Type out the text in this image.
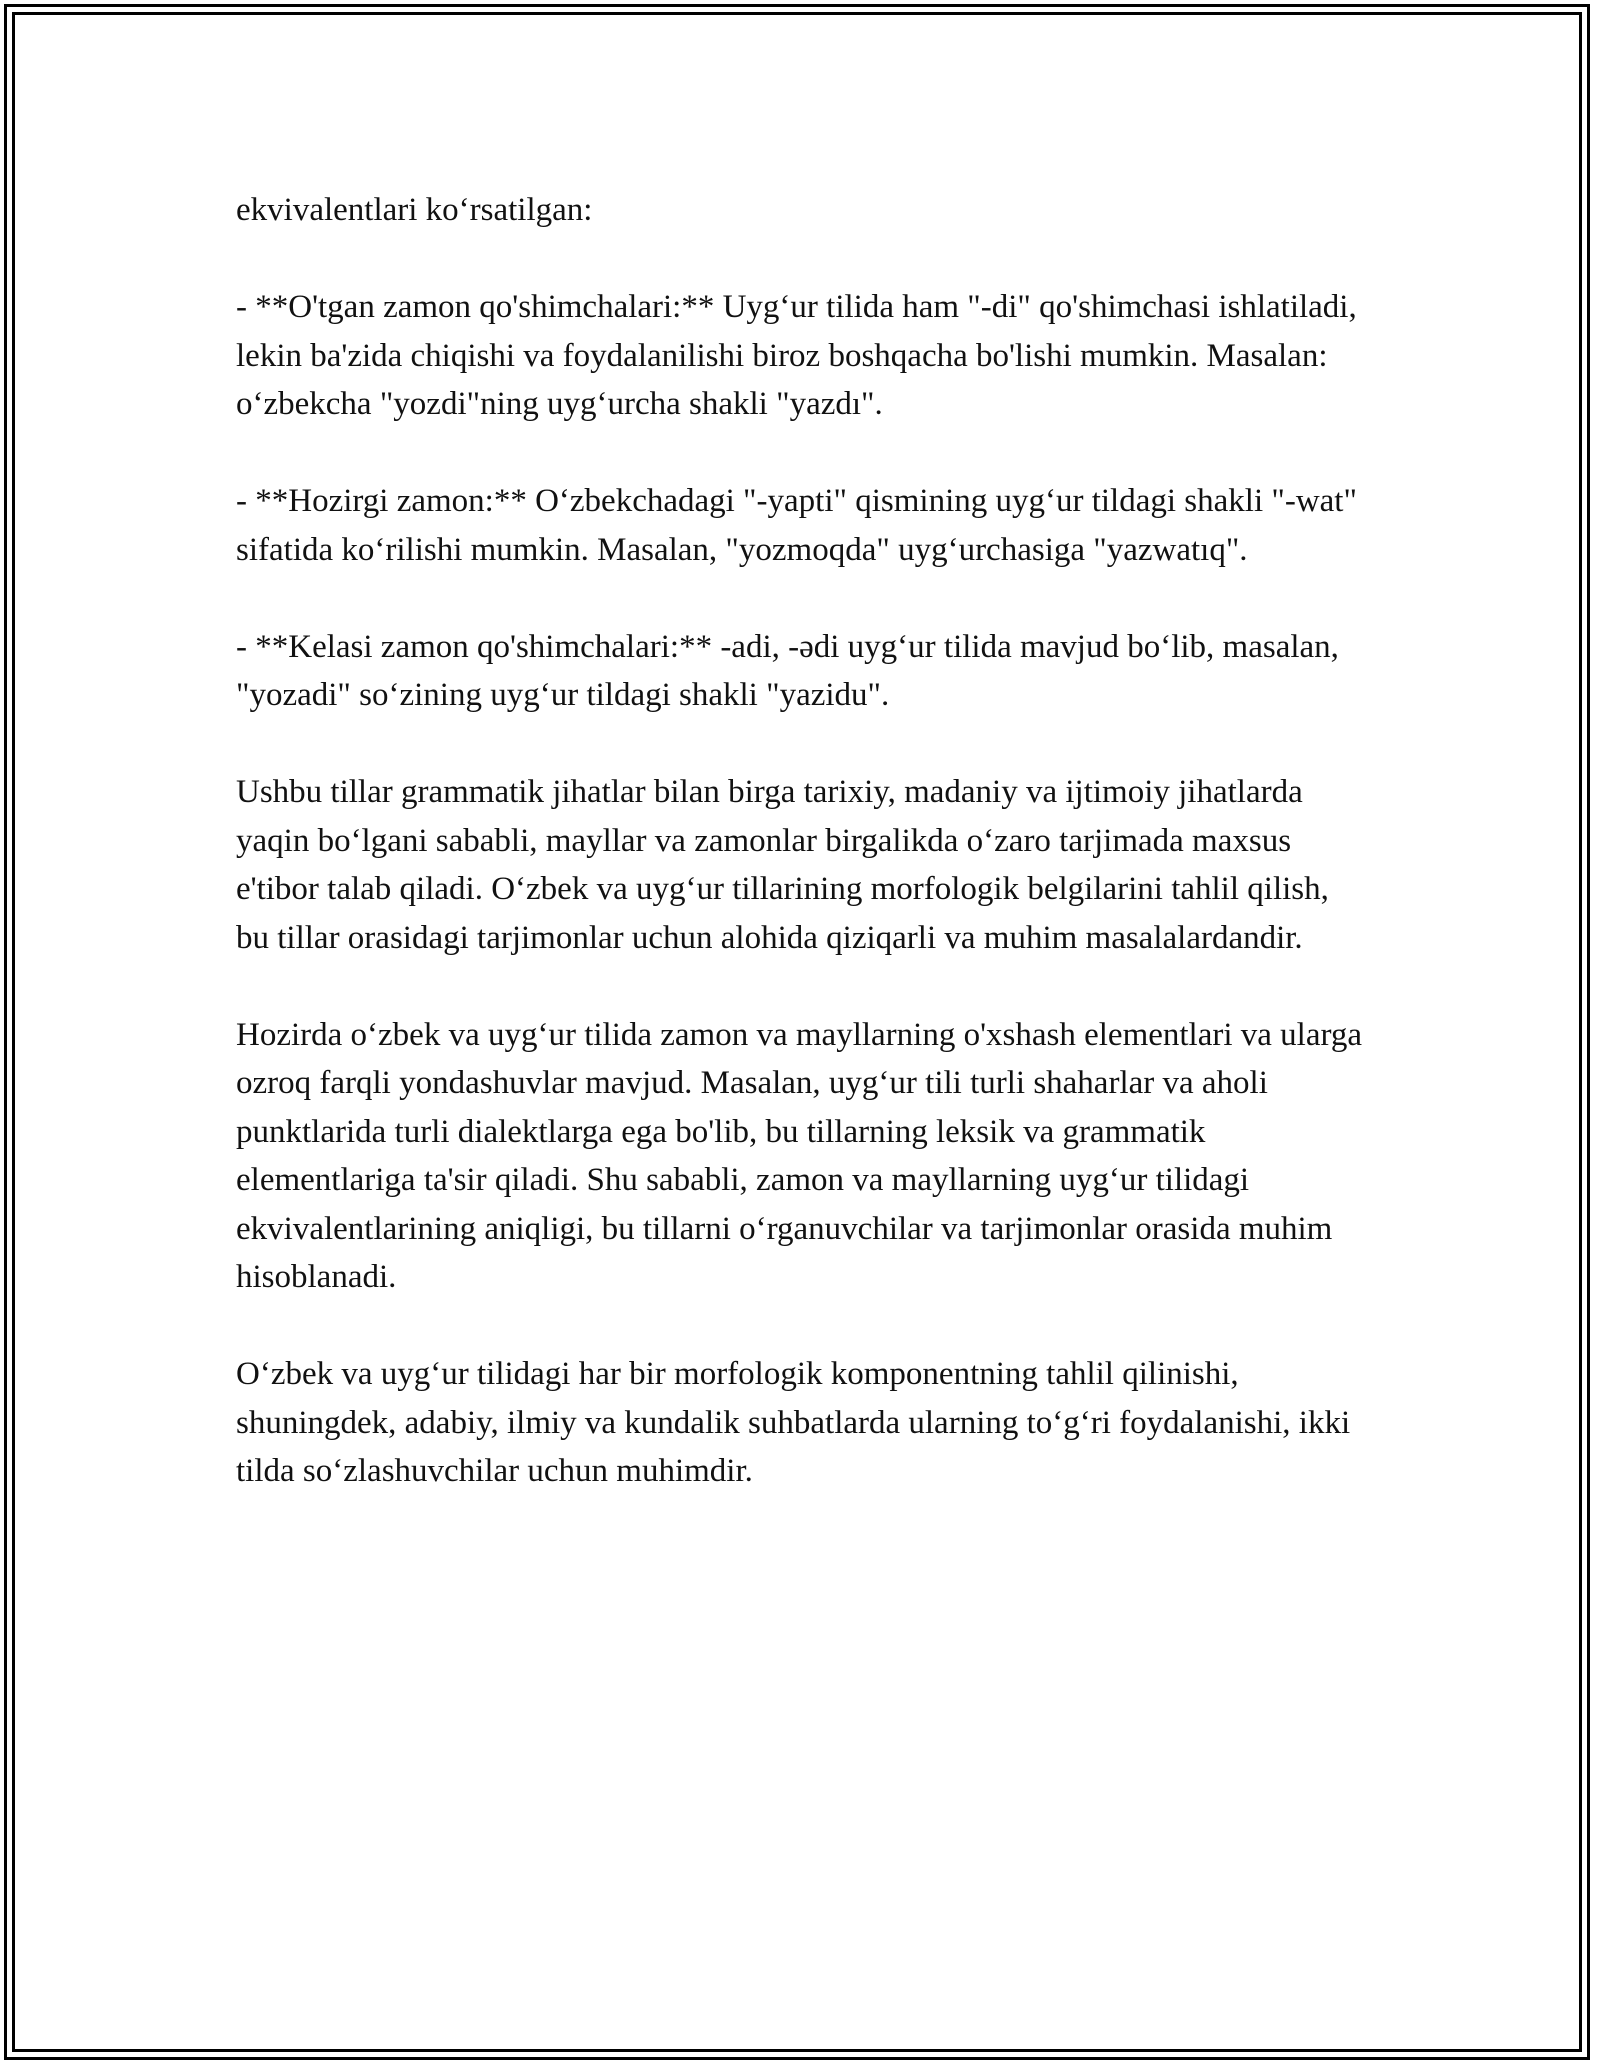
ekvivalentlari ko‘rsatilgan:

- **O'tgan zamon qo'shimchalari:** Uyg‘ur tilida ham "-di" qo'shimchasi ishlatiladi, lekin ba'zida chiqishi va foydalanilishi biroz boshqacha bo'lishi mumkin. Masalan: o‘zbekcha "yozdi"ning uyg‘urcha shakli "yazdı".

- **Hozirgi zamon:** O‘zbekchadagi "-yapti" qismining uyg‘ur tildagi shakli "-wat" sifatida ko‘rilishi mumkin. Masalan, "yozmoqda" uyg‘urchasiga "yazwatıq".

- **Kelasi zamon qo'shimchalari:** -adi, -ədi uyg‘ur tilida mavjud bo‘lib, masalan, "yozadi" so‘zining uyg‘ur tildagi shakli "yazidu".

Ushbu tillar grammatik jihatlar bilan birga tarixiy, madaniy va ijtimoiy jihatlarda yaqin bo‘lgani sababli, mayllar va zamonlar birgalikda o‘zaro tarjimada maxsus e'tibor talab qiladi. O‘zbek va uyg‘ur tillarining morfologik belgilarini tahlil qilish, bu tillar orasidagi tarjimonlar uchun alohida qiziqarli va muhim masalalardandir.

Hozirda o‘zbek va uyg‘ur tilida zamon va mayllarning o'xshash elementlari va ularga ozroq farqli yondashuvlar mavjud. Masalan, uyg‘ur tili turli shaharlar va aholi punktlarida turli dialektlarga ega bo'lib, bu tillarning leksik va grammatik elementlariga ta'sir qiladi. Shu sababli, zamon va mayllarning uyg‘ur tilidagi ekvivalentlarining aniqligi, bu tillarni o‘rganuvchilar va tarjimonlar orasida muhim hisoblanadi.

O‘zbek va uyg‘ur tilidagi har bir morfologik komponentning tahlil qilinishi, shuningdek, adabiy, ilmiy va kundalik suhbatlarda ularning to‘g‘ri foydalanishi, ikki tilda so‘zlashuvchilar uchun muhimdir.
